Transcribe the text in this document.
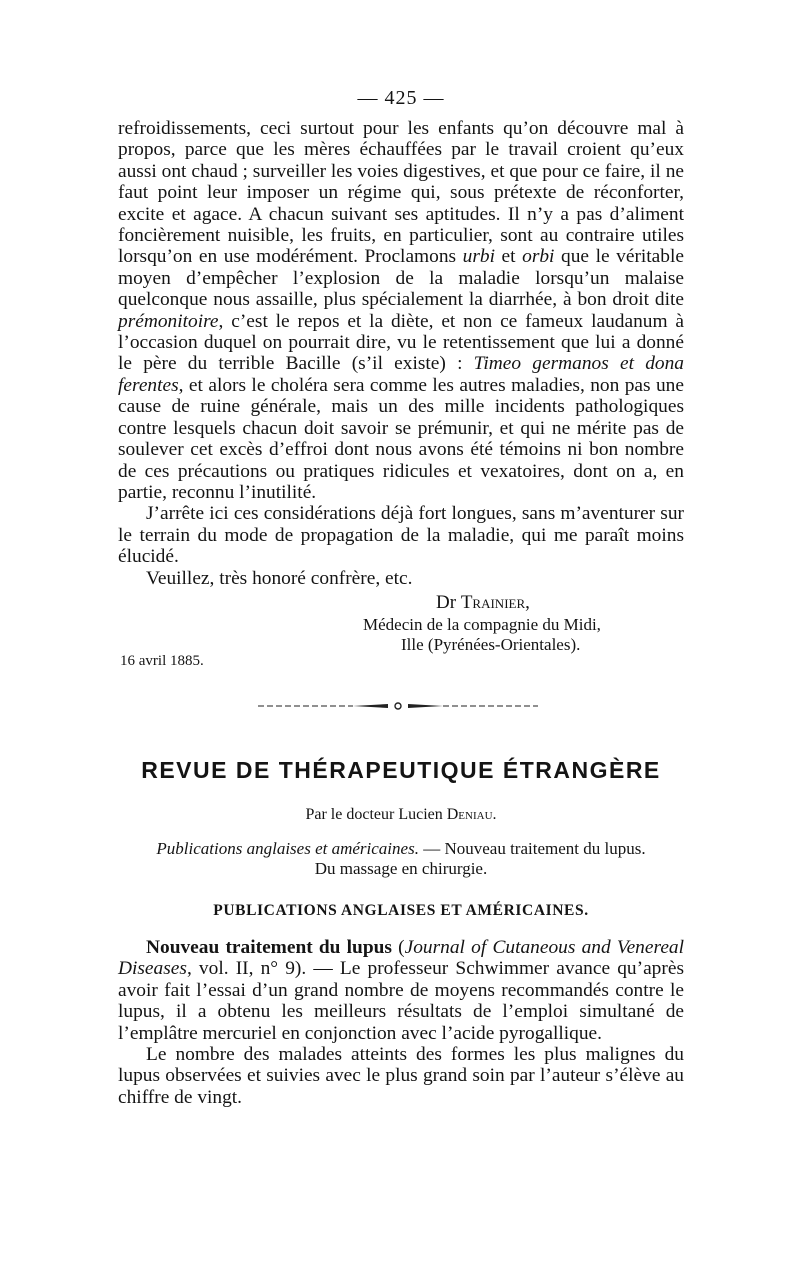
— 425 —

refroidissements, ceci surtout pour les enfants qu’on découvre mal à propos, parce que les mères échauffées par le travail croient qu’eux aussi ont chaud ; surveiller les voies digestives, et que pour ce faire, il ne faut point leur imposer un régime qui, sous prétexte de réconforter, excite et agace. A chacun suivant ses aptitudes. Il n’y a pas d’aliment foncièrement nuisible, les fruits, en particulier, sont au contraire utiles lorsqu’on en use modérément. Proclamons urbi et orbi que le véritable moyen d’empêcher l’explosion de la maladie lorsqu’un malaise quelconque nous assaille, plus spécialement la diarrhée, à bon droit dite prémonitoire, c’est le repos et la diète, et non ce fameux laudanum à l’occasion duquel on pourrait dire, vu le retentissement que lui a donné le père du terrible Bacille (s’il existe) : Timeo germanos et dona ferentes, et alors le choléra sera comme les autres maladies, non pas une cause de ruine générale, mais un des mille incidents pathologiques contre lesquels chacun doit savoir se prémunir, et qui ne mérite pas de soulever cet excès d’effroi dont nous avons été témoins ni bon nombre de ces précautions ou pratiques ridicules et vexatoires, dont on a, en partie, reconnu l’inutilité.

J’arrête ici ces considérations déjà fort longues, sans m’aventurer sur le terrain du mode de propagation de la maladie, qui me paraît moins élucidé.

Veuillez, très honoré confrère, etc.

Dr Trainier,
Médecin de la compagnie du Midi,
Ille (Pyrénées-Orientales).
16 avril 1885.
REVUE DE THÉRAPEUTIQUE ÉTRANGÈRE
Par le docteur Lucien Deniau.
Publications anglaises et américaines. — Nouveau traitement du lupus.
Du massage en chirurgie.
PUBLICATIONS ANGLAISES ET AMÉRICAINES.

Nouveau traitement du lupus (Journal of Cutaneous and Venereal Diseases, vol. II, n° 9). — Le professeur Schwimmer avance qu’après avoir fait l’essai d’un grand nombre de moyens recommandés contre le lupus, il a obtenu les meilleurs résultats de l’emploi simultané de l’emplâtre mercuriel en conjonction avec l’acide pyrogallique.

Le nombre des malades atteints des formes les plus malignes du lupus observées et suivies avec le plus grand soin par l’auteur s’élève au chiffre de vingt.
